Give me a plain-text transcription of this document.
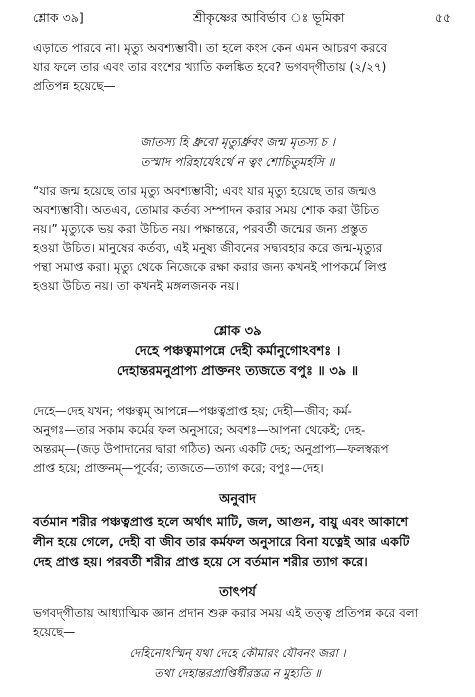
শ্লোক ৩৯]	শ্রীকৃষ্ণের আবির্ভাব ঃ ভূমিকা	৫৫
এড়াতে পারবে না। মৃত্যু অবশ্যম্ভাবী। তা হলে কংস কেন এমন আচরণ করবে
যার ফলে তার এবং তার বংশের খ্যাতি কলঙ্কিত হবে? ভগবদ্‌গীতায় (২/২৭)
প্রতিপন্ন হয়েছে—
জাতস্য হি ধ্রুবো মৃত্যুর্ধ্রুবং জন্ম মৃতস্য চ ।
তস্মাদ পরিহার্যেঽর্থে ন ত্বং শোচিতুমর্হসি ॥
“যার জন্ম হয়েছে তার মৃত্যু অবশ্যম্ভাবী; এবং যার মৃত্যু হয়েছে তার জন্মও
অবশ্যম্ভাবী। অতএব, তোমার কর্তব্য সম্পাদন করার সময় শোক করা উচিত
নয়।” মৃত্যুকে ভয় করা উচিত নয়। পক্ষান্তরে, পরবর্তী জন্মের জন্য প্রস্তুত
হওয়া উচিত। মানুষের কর্তব্য, এই মনুষ্য জীবনের সদ্ব্যবহার করে জন্ম-মৃত্যুর
পন্থা সমাপ্ত করা। মৃত্যু থেকে নিজেকে রক্ষা করার জন্য কখনই পাপকর্মে লিপ্ত
হওয়া উচিত নয়। তা কখনই মঙ্গলজনক নয়।
শ্লোক ৩৯
দেহে পঞ্চত্বমাপন্নে দেহী কর্মানুগোঽবশঃ ।
দেহান্তরমনুপ্রাপ্য প্রাক্তনং ত্যজতে বপুঃ ॥ ৩৯ ॥
দেহে—দেহ যখন; পঞ্চত্বম্ আপন্নে—পঞ্চত্বপ্রাপ্ত হয়; দেহী—জীব; কর্ম-
অনুগঃ—তার সকাম কর্মের ফল অনুসারে; অবশঃ—আপনা থেকেই; দেহ-
অন্তরম্—(জড় উপাদানের দ্বারা গঠিত) অন্য একটি দেহ; অনুপ্রাপ্য—ফলস্বরূপ
প্রাপ্ত হয়ে; প্রাক্তনম্—পূর্বের; ত্যজতে—ত্যাগ করে; বপুঃ—দেহ।
অনুবাদ
বর্তমান শরীর পঞ্চত্বপ্রাপ্ত হলে অর্থাৎ মাটি, জল, আগুন, বায়ু এবং আকাশে
লীন হয়ে গেলে, দেহী বা জীব তার কর্মফল অনুসারে বিনা যত্নেই আর একটি
দেহ প্রাপ্ত হয়। পরবর্তী শরীর প্রাপ্ত হয়ে সে বর্তমান শরীর ত্যাগ করে।
তাৎপর্য
ভগবদ্‌গীতায় আধ্যাত্মিক জ্ঞান প্রদান শুরু করার সময় এই তত্ত্ব প্রতিপন্ন করে বলা
হয়েছে—
দেহিনোঽস্মিন্ যথা দেহে কৌমারং যৌবনং জরা ।
তথা দেহান্তরপ্রাপ্তির্ধীরস্তত্র ন মুহ্যতি ॥
